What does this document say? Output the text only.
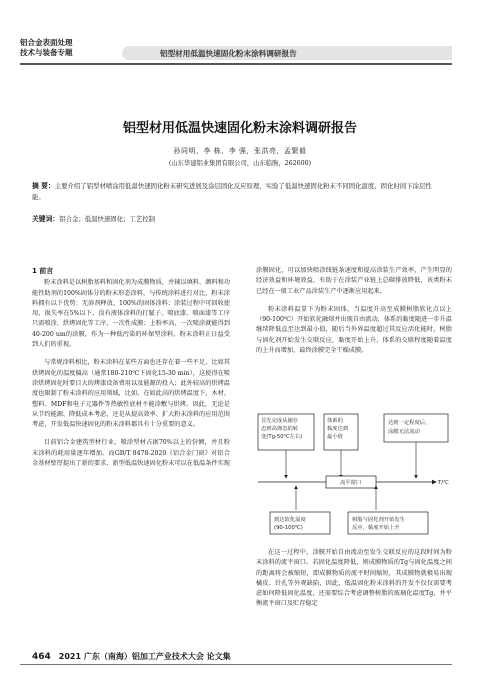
铝合金表面处理
技术与装备专题	铝型材用低温快速固化粉末涂料调研报告
铝型材用低温快速固化粉末涂料调研报告
孙同明，李 栋，李 强，张洪亮，孟繁毅
(山东华建铝业集团有限公司，山东临朐，262600)
摘 要：主要介绍了铝型材喷涂用低温快速固化粉末研究进展及涂层固化反应原理，实验了低温快速固化粉末不同固化温度、固化时间下涂层性能。
关键词：铝合金；低温快速固化；工艺控制
1 前言

粉末涂料是以树脂基料和固化剂为成膜物质，并辅以填料、颜料和功能性助剂的100%固体分的粉末形态涂料，与传统涂料进行对比，粉末涂料拥有以下优势：无溶剂释放、100%的固体涂料；涂装过程中可回收使用，损失率在5%以下，没有液体涂料的打腻子、喷底漆、喷面漆等工序只需喷涂、烘烤固化等工序，一次性成膜；上粉率高，一次喷涂就能得到40-200 um的涂膜，作为一种低污染的环保型涂料，粉末涂料正日益受到人们的重视。

与常规涂料相比，粉末涂料在某些方面也还存在着一些不足，比如其烘烤固化的温度偏高（通常180-210℃下固化15-30 min），这使得在喷涂烘烤固化时要目大的烤漆设备费用以及能源的投入；此外较高的烘烤温度也限制了粉末涂料的应用领域，比如，在如此高的烘烤温度下，木材、塑料、MDF和电子元器件等热敏性底材不能涂敷与烘烤。因此，无论是从节约能源、降低成本考虑，还是从提高效率、扩大粉末涂料的应用范围考虑，开发低温快速固化的粉末涂料都具有十分重要的意义。

目前铝合金建筑型材行业，喷涂型材占据70%以上的份额，并且粉末涂料的耗用量逐年增加。而GB/T 8478-2020《铝合金门窗》对铝合金基材壁厚提出了新的要求，新型低温快速固化粉末可以在低温条件实现

涂膜固化，可以加快喷涂线链条速度和提高涂装生产效率，产生明显的经济效益和环境效益，有助于在涂装产业链上总碳排放降低，该类粉末已经在一般工业产品涂装生产中逐渐应用起来。

粉末涂料温显下为粉末固体，当温度升高至成膜树脂软化点以上（90-100℃）开始软化融熔并出现自由流动，体系的黏度随进一步升温继续降低直至达到最小值，随后当外界温度超过其反应活化能时，树脂与固化剂开始发生交联反应，黏度开始上升，体系的交联程度随着温度的上升而增加，最终涂膜完全干燥成膜。

首先完成从储存
态到高弹态的转
变(Tg-50℃左右)
体系的
黏度达到
最小值
达到一定程度后，
涂膜无法流动
T/℃
流平窗口
到达软化温度
(90-100℃)
树脂与固化剂开始发生
反应，黏度开始上升

在这一过程中，涂膜开始自由流动至发生交联反应的这段时间为粉末涂料的流平窗口。若固化温度降低，则成膜物质的Tg与固化温度之间的距离将会被缩短，即成膜物质的流平时间缩短，其成膜物就极易出现橘皮、针孔等外观缺陷，因此，低温固化粉末涂料的开发不仅仅需要考虑如何降低固化温度，还需要综合考虑调整树脂的玻璃化温度Tg，并平衡流平窗口及贮存稳定

464 2021 广东（南海）铝加工产业技术大会 论文集
